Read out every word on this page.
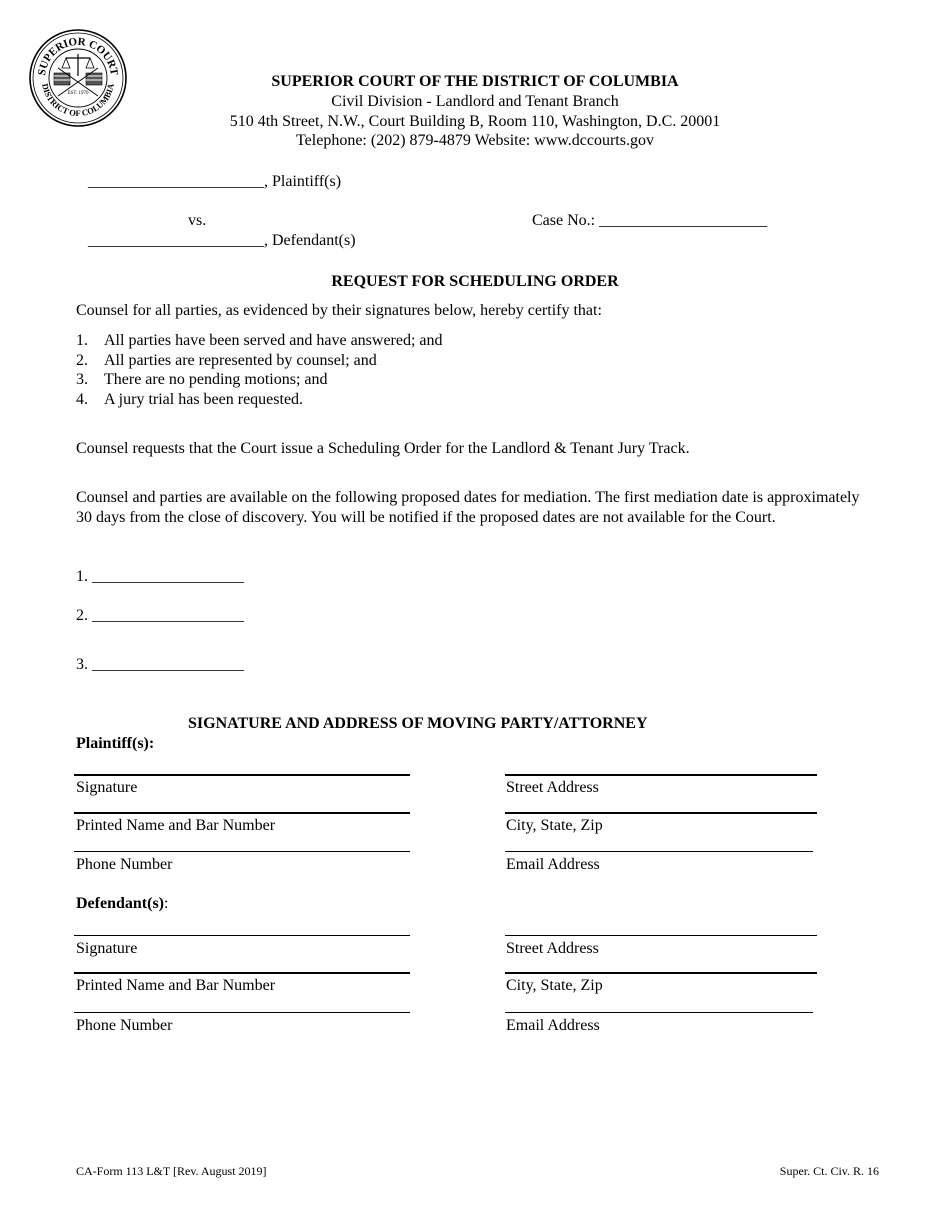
SUPERIOR COURT
DISTRICT OF COLUMBIA
EST. 1970
SUPERIOR COURT OF THE DISTRICT OF COLUMBIA
Civil Division - Landlord and Tenant Branch
510 4th Street, N.W., Court Building B, Room 110, Washington, D.C. 20001
Telephone: (202) 879-4879 Website: www.dccourts.gov
______________________, Plaintiff(s)
vs.	Case No.: _____________________
______________________, Defendant(s)
REQUEST FOR SCHEDULING ORDER
Counsel for all parties, as evidenced by their signatures below, hereby certify that:
1. All parties have been served and have answered; and
2. All parties are represented by counsel; and
3. There are no pending motions; and
4. A jury trial has been requested.
Counsel requests that the Court issue a Scheduling Order for the Landlord & Tenant Jury Track.
Counsel and parties are available on the following proposed dates for mediation. The first mediation date is approximately 30 days from the close of discovery. You will be notified if the proposed dates are not available for the Court.
1. ___________________
2. ___________________
3. ___________________
SIGNATURE AND ADDRESS OF MOVING PARTY/ATTORNEY
Plaintiff(s):
Signature
Printed Name and Bar Number
Phone Number
Street Address
City, State, Zip
Email Address
Defendant(s):
Signature
Printed Name and Bar Number
Phone Number
Street Address
City, State, Zip
Email Address
CA-Form 113 L&T [Rev. August 2019]	Super. Ct. Civ. R. 16
